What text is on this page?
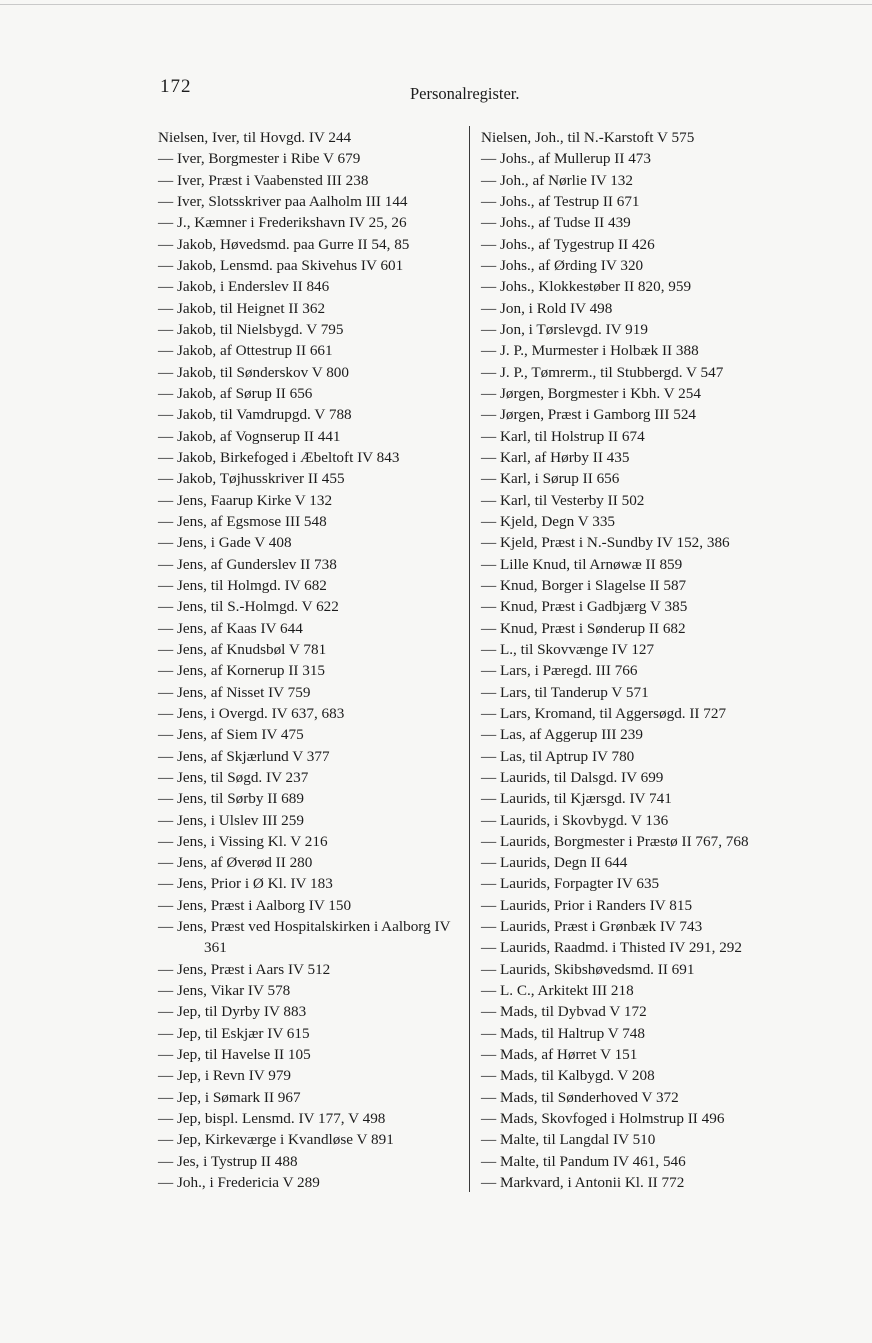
172	Personalregister.
Nielsen, Iver, til Hovgd. IV 244
— Iver, Borgmester i Ribe V 679
— Iver, Præst i Vaabensted III 238
— Iver, Slotsskriver paa Aalholm III 144
— J., Kæmner i Frederikshavn IV 25, 26
— Jakob, Høvedsmd. paa Gurre II 54, 85
— Jakob, Lensmd. paa Skivehus IV 601
— Jakob, i Enderslev II 846
— Jakob, til Heignet II 362
— Jakob, til Nielsbygd. V 795
— Jakob, af Ottestrup II 661
— Jakob, til Sønderskov V 800
— Jakob, af Sørup II 656
— Jakob, til Vamdrupgd. V 788
— Jakob, af Vognserup II 441
— Jakob, Birkefoged i Æbeltoft IV 843
— Jakob, Tøjhusskriver II 455
— Jens, Faarup Kirke V 132
— Jens, af Egsmose III 548
— Jens, i Gade V 408
— Jens, af Gunderslev II 738
— Jens, til Holmgd. IV 682
— Jens, til S.-Holmgd. V 622
— Jens, af Kaas IV 644
— Jens, af Knudsbøl V 781
— Jens, af Kornerup II 315
— Jens, af Nisset IV 759
— Jens, i Overgd. IV 637, 683
— Jens, af Siem IV 475
— Jens, af Skjærlund V 377
— Jens, til Søgd. IV 237
— Jens, til Sørby II 689
— Jens, i Ulslev III 259
— Jens, i Vissing Kl. V 216
— Jens, af Øverød II 280
— Jens, Prior i Ø Kl. IV 183
— Jens, Præst i Aalborg IV 150
— Jens, Præst ved Hospitalskirken i Aalborg IV 361
— Jens, Præst i Aars IV 512
— Jens, Vikar IV 578
— Jep, til Dyrby IV 883
— Jep, til Eskjær IV 615
— Jep, til Havelse II 105
— Jep, i Revn IV 979
— Jep, i Sømark II 967
— Jep, bispl. Lensmd. IV 177, V 498
— Jep, Kirkeværge i Kvandløse V 891
— Jes, i Tystrup II 488
— Joh., i Fredericia V 289
Nielsen, Joh., til N.-Karstoft V 575
— Johs., af Mullerup II 473
— Joh., af Nørlie IV 132
— Johs., af Testrup II 671
— Johs., af Tudse II 439
— Johs., af Tygestrup II 426
— Johs., af Ørding IV 320
— Johs., Klokkestøber II 820, 959
— Jon, i Rold IV 498
— Jon, i Tørslevgd. IV 919
— J. P., Murmester i Holbæk II 388
— J. P., Tømrerm., til Stubbergd. V 547
— Jørgen, Borgmester i Kbh. V 254
— Jørgen, Præst i Gamborg III 524
— Karl, til Holstrup II 674
— Karl, af Hørby II 435
— Karl, i Sørup II 656
— Karl, til Vesterby II 502
— Kjeld, Degn V 335
— Kjeld, Præst i N.-Sundby IV 152, 386
— Lille Knud, til Arnøwæ II 859
— Knud, Borger i Slagelse II 587
— Knud, Præst i Gadbjærg V 385
— Knud, Præst i Sønderup II 682
— L., til Skovvænge IV 127
— Lars, i Pæregd. III 766
— Lars, til Tanderup V 571
— Lars, Kromand, til Aggersøgd. II 727
— Las, af Aggerup III 239
— Las, til Aptrup IV 780
— Laurids, til Dalsgd. IV 699
— Laurids, til Kjærsgd. IV 741
— Laurids, i Skovbygd. V 136
— Laurids, Borgmester i Præstø II 767, 768
— Laurids, Degn II 644
— Laurids, Forpagter IV 635
— Laurids, Prior i Randers IV 815
— Laurids, Præst i Grønbæk IV 743
— Laurids, Raadmd. i Thisted IV 291, 292
— Laurids, Skibshøvedsmd. II 691
— L. C., Arkitekt III 218
— Mads, til Dybvad V 172
— Mads, til Haltrup V 748
— Mads, af Hørret V 151
— Mads, til Kalbygd. V 208
— Mads, til Sønderhoved V 372
— Mads, Skovfoged i Holmstrup II 496
— Malte, til Langdal IV 510
— Malte, til Pandum IV 461, 546
— Markvard, i Antonii Kl. II 772
